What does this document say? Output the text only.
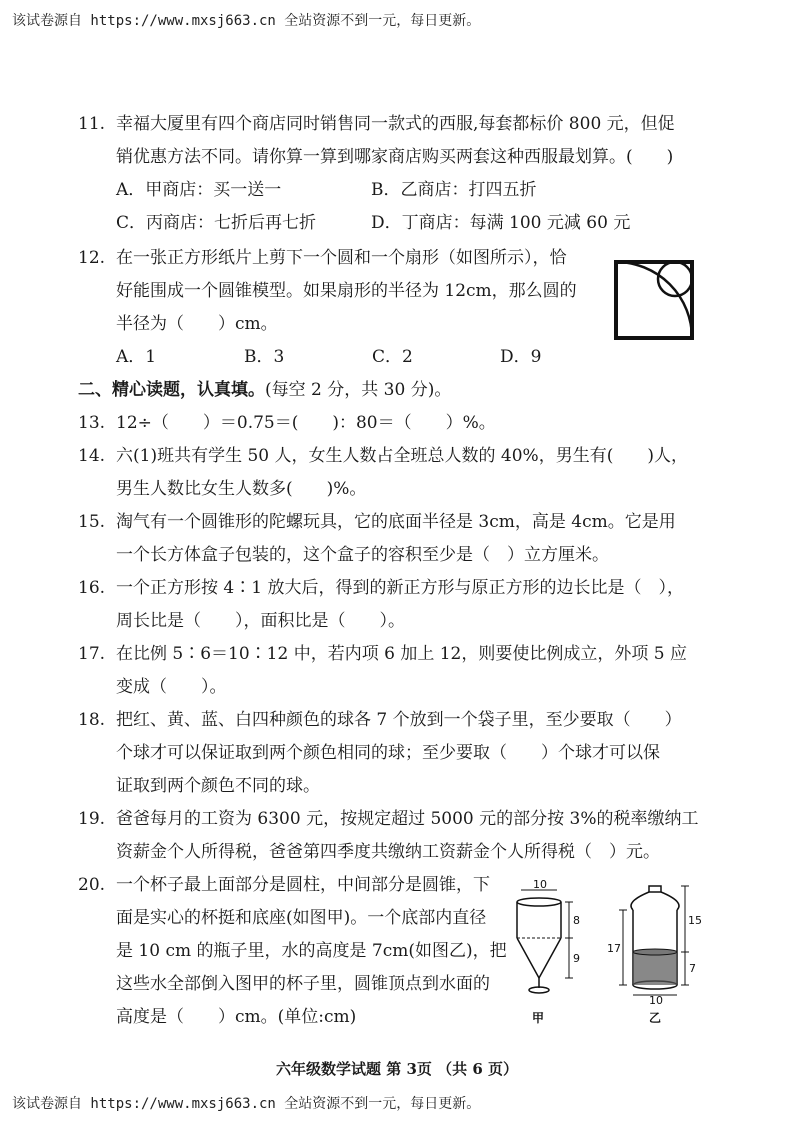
该试卷源自 https://www.mxsj663.cn 全站资源不到一元，每日更新。
11. 幸福大厦里有四个商店同时销售同一款式的西服,每套都标价 800 元，但促
销优惠方法不同。请你算一算到哪家商店购买两套这种西服最划算。(　　)
A．甲商店：买一送一	B．乙商店：打四五折
C．丙商店：七折后再七折	D．丁商店：每满 100 元减 60 元
12. 在一张正方形纸片上剪下一个圆和一个扇形（如图所示），恰
好能围成一个圆锥模型。如果扇形的半径为 12cm，那么圆的
半径为（　　）cm。
A．1	B．3	C．2	D．9
二、精心读题，认真填。(每空 2 分，共 30 分)。
13. 12÷（　　）＝0.75＝(　　)：80＝（　　）%。
14. 六(1)班共有学生 50 人，女生人数占全班总人数的 40%，男生有(　　)人，
男生人数比女生人数多(　　)%。
15. 淘气有一个圆锥形的陀螺玩具，它的底面半径是 3cm，高是 4cm。它是用
一个长方体盒子包装的，这个盒子的容积至少是（　）立方厘米。
16. 一个正方形按 4∶1 放大后，得到的新正方形与原正方形的边长比是（　），
周长比是（　　），面积比是（　　）。
17. 在比例 5∶6＝10∶12 中，若内项 6 加上 12，则要使比例成立，外项 5 应
变成（　　）。
18. 把红、黄、蓝、白四种颜色的球各 7 个放到一个袋子里，至少要取（　　）
个球才可以保证取到两个颜色相同的球；至少要取（　　）个球才可以保
证取到两个颜色不同的球。
19. 爸爸每月的工资为 6300 元，按规定超过 5000 元的部分按 3%的税率缴纳工
资薪金个人所得税，爸爸第四季度共缴纳工资薪金个人所得税（　）元。
20. 一个杯子最上面部分是圆柱，中间部分是圆锥，下
面是实心的杯挺和底座(如图甲)。一个底部内直径
是 10 cm 的瓶子里，水的高度是 7cm(如图乙)，把
这些水全部倒入图甲的杯子里，圆锥顶点到水面的
高度是（　　）cm。(单位:cm)
10
8
9
甲
10
17
15
7
乙
六年级数学试题 第 3页 （共 6 页）
该试卷源自 https://www.mxsj663.cn 全站资源不到一元，每日更新。
